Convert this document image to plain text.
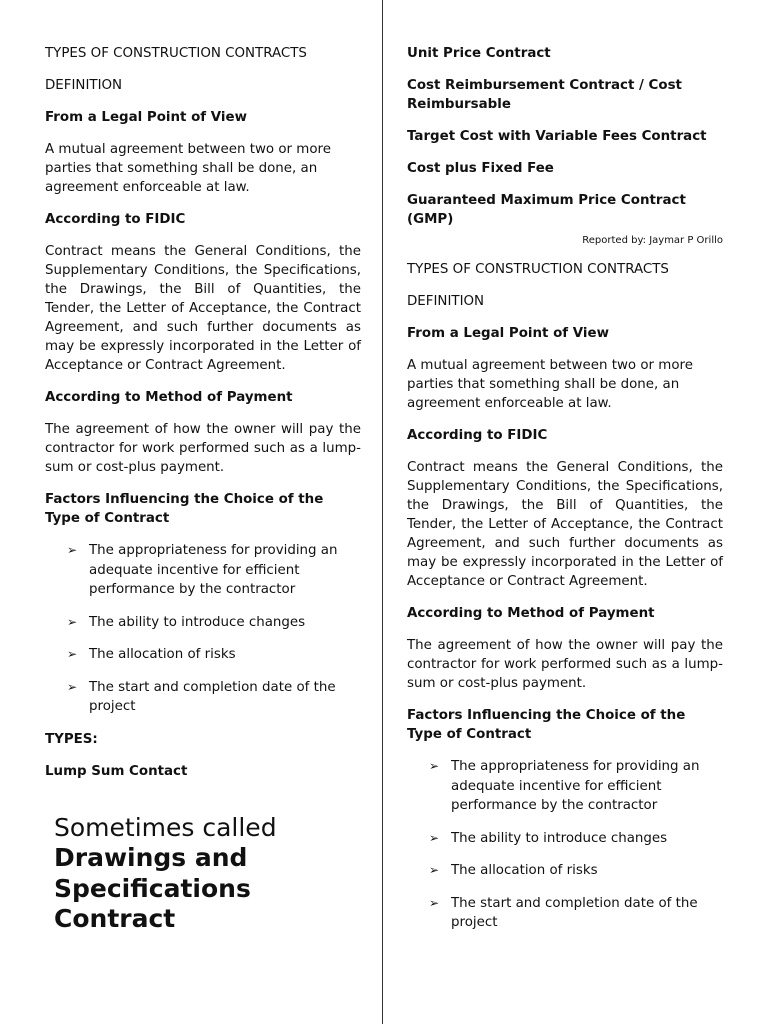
TYPES OF CONSTRUCTION CONTRACTS

DEFINITION

From a Legal Point of View

A mutual agreement between two or more parties that something shall be done, an agreement enforceable at law.

According to FIDIC

Contract means the General Conditions, the Supplementary Conditions, the Specifications, the Drawings, the Bill of Quantities, the Tender, the Letter of Acceptance, the Contract Agreement, and such further documents as may be expressly incorporated in the Letter of Acceptance or Contract Agreement.

According to Method of Payment

The agreement of how the owner will pay the contractor for work performed such as a lump-sum or cost-plus payment.

Factors Influencing the Choice of the Type of Contract

➢ The appropriateness for providing an adequate incentive for efficient performance by the contractor
➢ The ability to introduce changes
➢ The allocation of risks
➢ The start and completion date of the project

TYPES:

Lump Sum Contact

Sometimes called
Drawings and Specifications Contract

Unit Price Contract

Cost Reimbursement Contract / Cost Reimbursable

Target Cost with Variable Fees Contract

Cost plus Fixed Fee

Guaranteed Maximum Price Contract (GMP)

Reported by: Jaymar P Orillo

TYPES OF CONSTRUCTION CONTRACTS

DEFINITION

From a Legal Point of View

A mutual agreement between two or more parties that something shall be done, an agreement enforceable at law.

According to FIDIC

Contract means the General Conditions, the Supplementary Conditions, the Specifications, the Drawings, the Bill of Quantities, the Tender, the Letter of Acceptance, the Contract Agreement, and such further documents as may be expressly incorporated in the Letter of Acceptance or Contract Agreement.

According to Method of Payment

The agreement of how the owner will pay the contractor for work performed such as a lump-sum or cost-plus payment.

Factors Influencing the Choice of the Type of Contract

➢ The appropriateness for providing an adequate incentive for efficient performance by the contractor
➢ The ability to introduce changes
➢ The allocation of risks
➢ The start and completion date of the project
